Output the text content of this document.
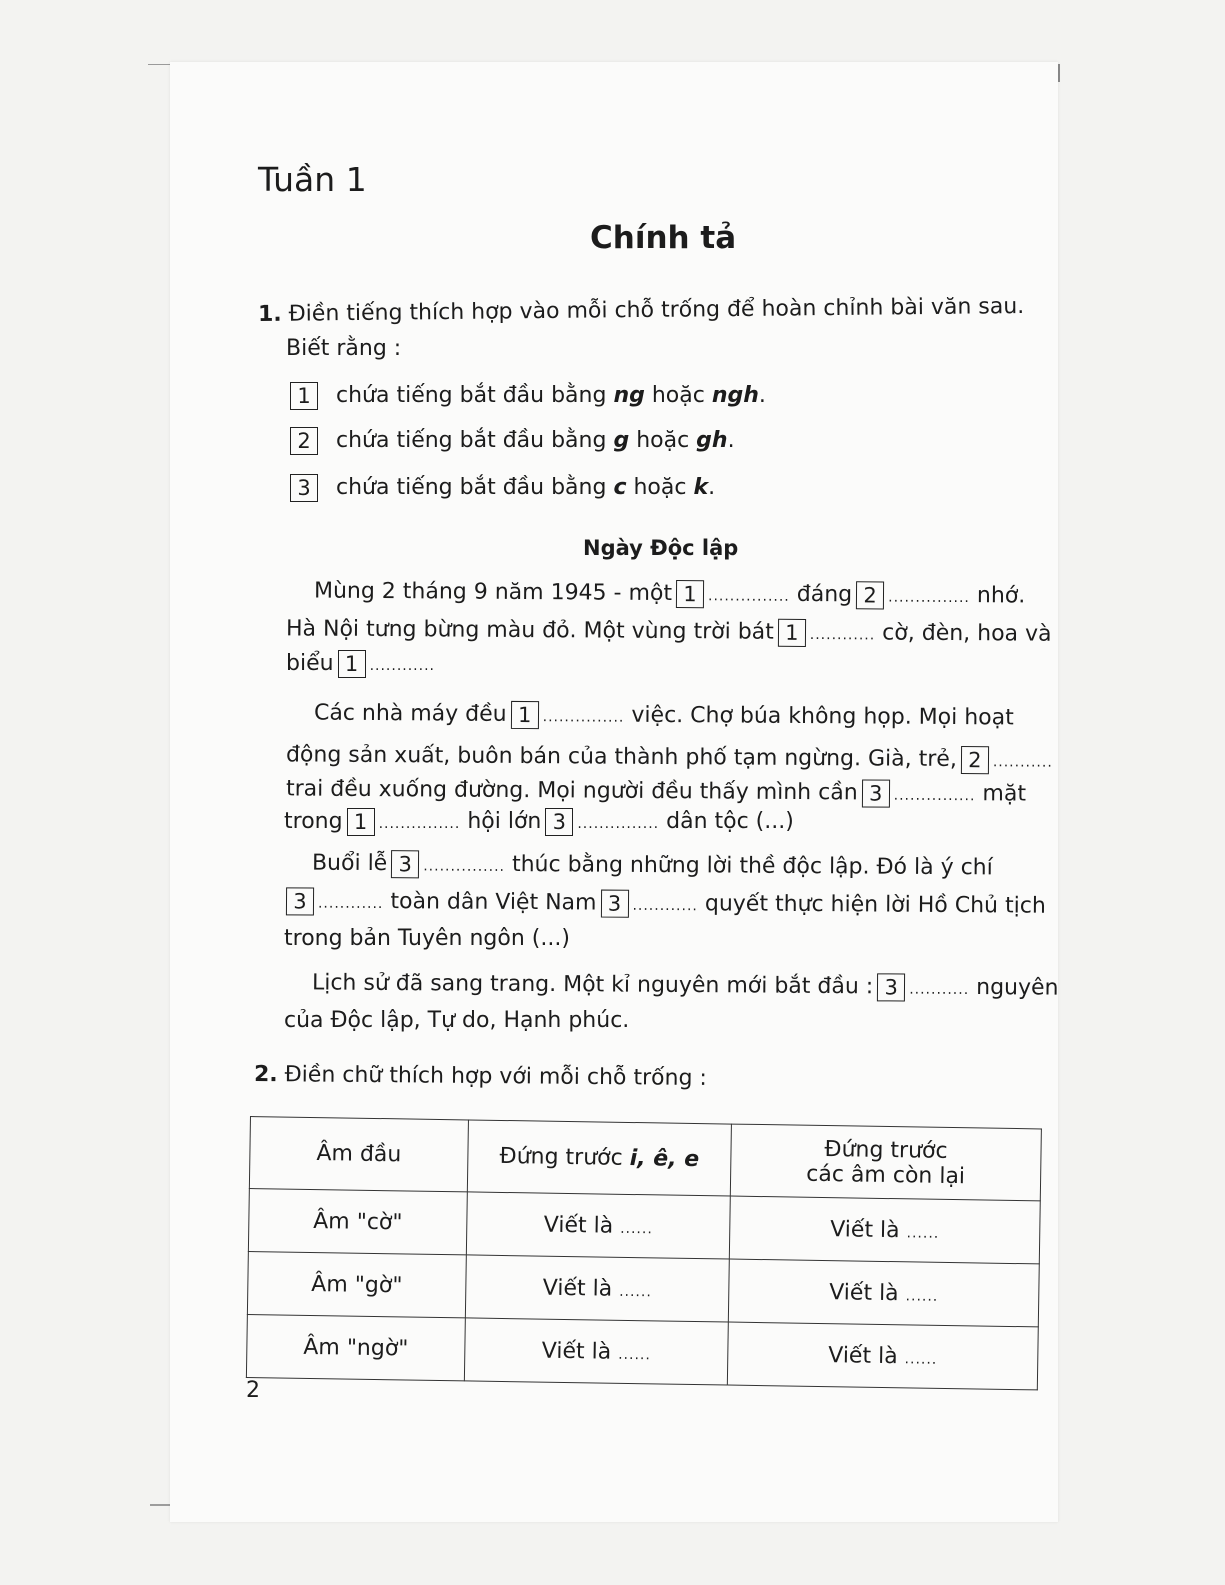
Tuần 1
Chính tả
1. Điền tiếng thích hợp vào mỗi chỗ trống để hoàn chỉnh bài văn sau.
Biết rằng :
1 chứa tiếng bắt đầu bằng ng hoặc ngh.
2 chứa tiếng bắt đầu bằng g hoặc gh.
3 chứa tiếng bắt đầu bằng c hoặc k.
Ngày Độc lập
Mùng 2 tháng 9 năm 1945 - một 1 ............... đáng 2 ............... nhớ.
Hà Nội tưng bừng màu đỏ. Một vùng trời bát 1 ............ cờ, đèn, hoa và
biểu 1 ............
Các nhà máy đều 1 ............... việc. Chợ búa không họp. Mọi hoạt
động sản xuất, buôn bán của thành phố tạm ngừng. Già, trẻ, 2 ...........
trai đều xuống đường. Mọi người đều thấy mình cần 3 ............... mặt
trong 1 ............... hội lớn 3 ............... dân tộc (...)
Buổi lễ 3 ............... thúc bằng những lời thề độc lập. Đó là ý chí
3 ............ toàn dân Việt Nam 3 ............ quyết thực hiện lời Hồ Chủ tịch
trong bản Tuyên ngôn (...)
Lịch sử đã sang trang. Một kỉ nguyên mới bắt đầu : 3 ........... nguyên
của Độc lập, Tự do, Hạnh phúc.
2. Điền chữ thích hợp với mỗi chỗ trống :
Âm đầu	Đứng trước i, ê, e	Đứng trước
các âm còn lại

Âm "cờ"	Viết là ......	Viết là ......
Âm "gờ"	Viết là ......	Viết là ......
Âm "ngờ"	Viết là ......	Viết là ......
2
